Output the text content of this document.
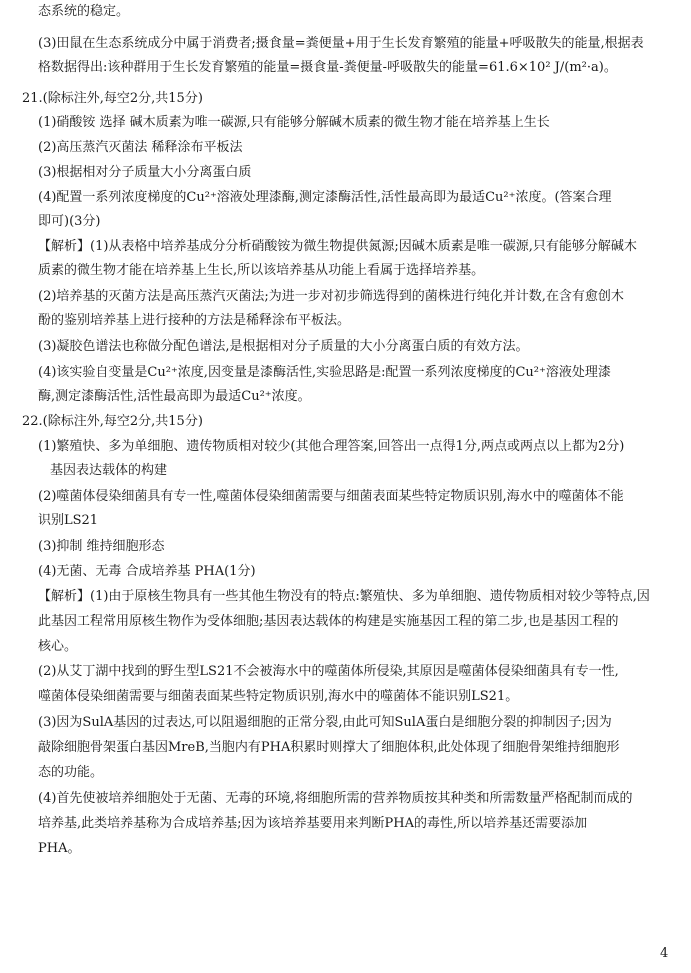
态系统的稳定。
(3)田鼠在生态系统成分中属于消费者;摄食量=粪便量+用于生长发育繁殖的能量+呼吸散失的能量,根据表
格数据得出:该种群用于生长发育繁殖的能量=摄食量-粪便量-呼吸散失的能量=61.6×10² J/(m²·a)。
21.(除标注外,每空2分,共15分)
(1)硝酸铵 选择 碱木质素为唯一碳源,只有能够分解碱木质素的微生物才能在培养基上生长
(2)高压蒸汽灭菌法 稀释涂布平板法
(3)根据相对分子质量大小分离蛋白质
(4)配置一系列浓度梯度的Cu²⁺溶液处理漆酶,测定漆酶活性,活性最高即为最适Cu²⁺浓度。(答案合理
即可)(3分)
【解析】(1)从表格中培养基成分分析硝酸铵为微生物提供氮源;因碱木质素是唯一碳源,只有能够分解碱木
质素的微生物才能在培养基上生长,所以该培养基从功能上看属于选择培养基。
(2)培养基的灭菌方法是高压蒸汽灭菌法;为进一步对初步筛选得到的菌株进行纯化并计数,在含有愈创木
酚的鉴别培养基上进行接种的方法是稀释涂布平板法。
(3)凝胶色谱法也称做分配色谱法,是根据相对分子质量的大小分离蛋白质的有效方法。
(4)该实验自变量是Cu²⁺浓度,因变量是漆酶活性,实验思路是:配置一系列浓度梯度的Cu²⁺溶液处理漆
酶,测定漆酶活性,活性最高即为最适Cu²⁺浓度。
22.(除标注外,每空2分,共15分)
(1)繁殖快、多为单细胞、遗传物质相对较少(其他合理答案,回答出一点得1分,两点或两点以上都为2分)
基因表达载体的构建
(2)噬菌体侵染细菌具有专一性,噬菌体侵染细菌需要与细菌表面某些特定物质识别,海水中的噬菌体不能
识别LS21
(3)抑制 维持细胞形态
(4)无菌、无毒 合成培养基 PHA(1分)
【解析】(1)由于原核生物具有一些其他生物没有的特点:繁殖快、多为单细胞、遗传物质相对较少等特点,因
此基因工程常用原核生物作为受体细胞;基因表达载体的构建是实施基因工程的第二步,也是基因工程的
核心。
(2)从艾丁湖中找到的野生型LS21不会被海水中的噬菌体所侵染,其原因是噬菌体侵染细菌具有专一性,
噬菌体侵染细菌需要与细菌表面某些特定物质识别,海水中的噬菌体不能识别LS21。
(3)因为SulA基因的过表达,可以阻遏细胞的正常分裂,由此可知SulA蛋白是细胞分裂的抑制因子;因为
敲除细胞骨架蛋白基因MreB,当胞内有PHA积累时则撑大了细胞体积,此处体现了细胞骨架维持细胞形
态的功能。
(4)首先使被培养细胞处于无菌、无毒的环境,将细胞所需的营养物质按其种类和所需数量严格配制而成的
培养基,此类培养基称为合成培养基;因为该培养基要用来判断PHA的毒性,所以培养基还需要添加
PHA。
4
